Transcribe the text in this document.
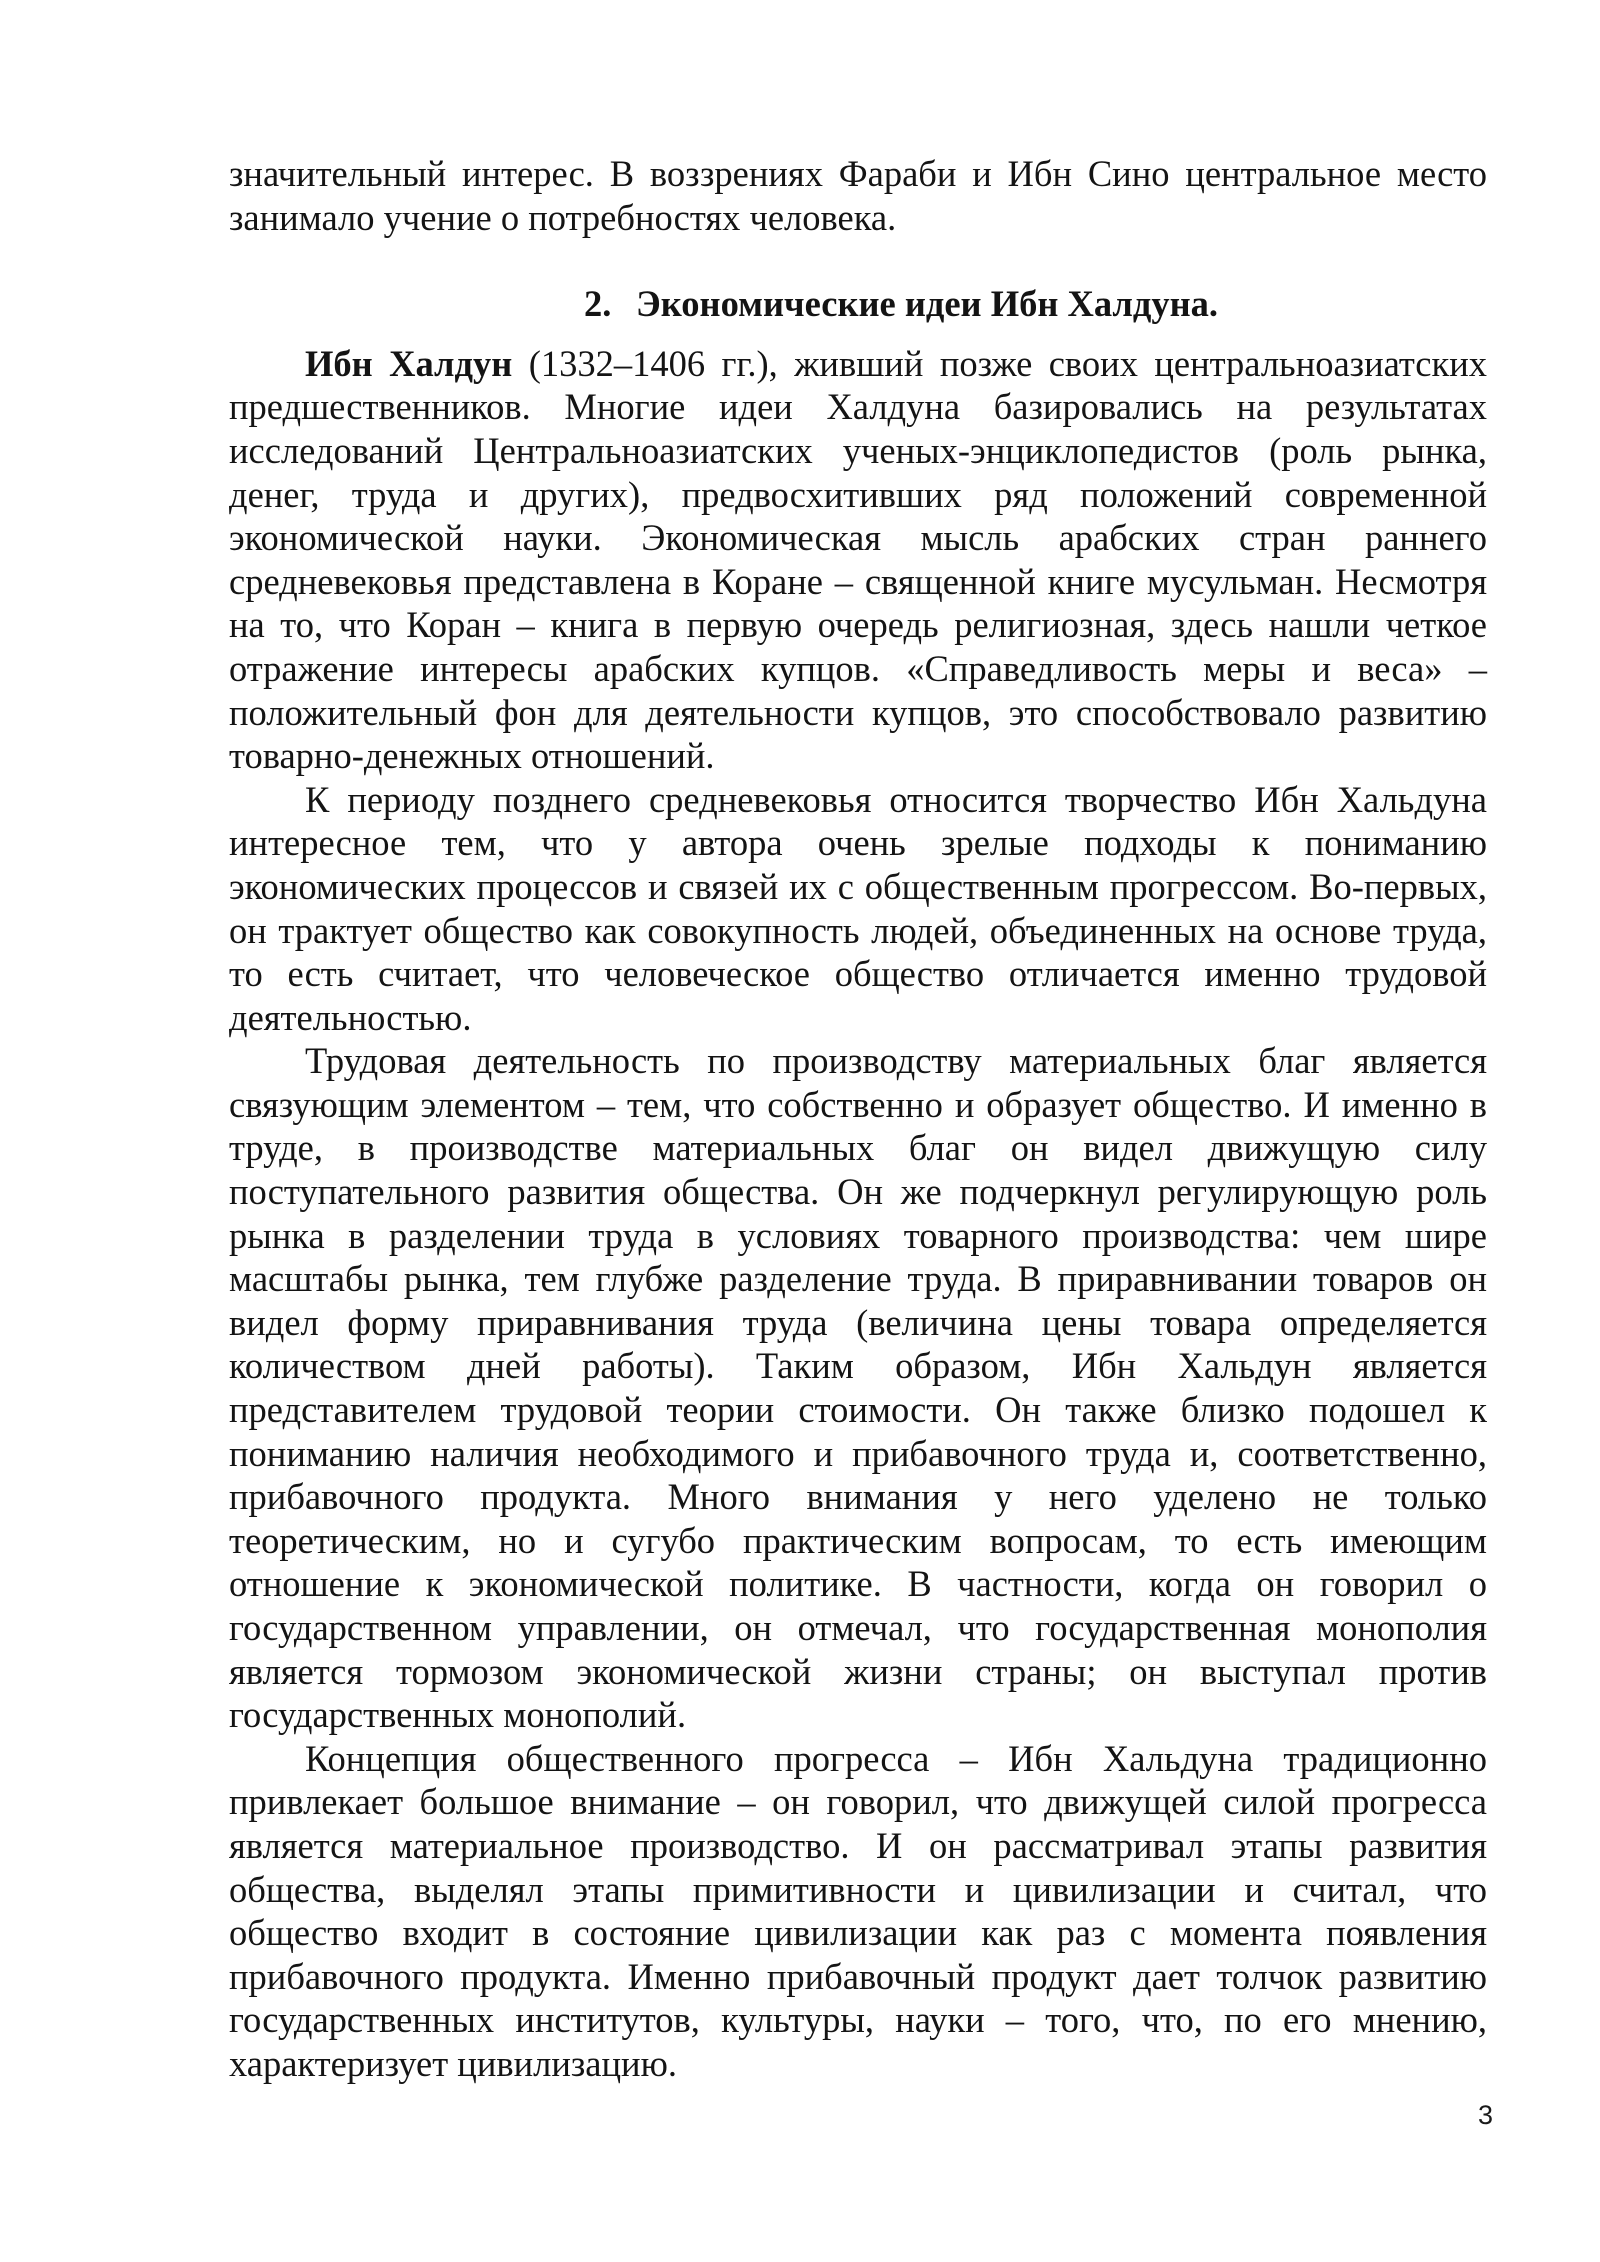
значительный интерес. В воззрениях Фараби и Ибн Сино центральное место занимало учение о потребностях человека.

2. Экономические идеи Ибн Халдуна.

Ибн Халдун (1332–1406 гг.), живший позже своих центральноазиатских предшественников. Многие идеи Халдуна базировались на результатах исследований Центральноазиатских ученых-энциклопедистов (роль рынка, денег, труда и других), предвосхитивших ряд положений современной экономической науки. Экономическая мысль арабских стран раннего средневековья представлена в Коране – священной книге мусульман. Несмотря на то, что Коран – книга в первую очередь религиозная, здесь нашли четкое отражение интересы арабских купцов. «Справедливость меры и веса» – положительный фон для деятельности купцов, это способствовало развитию товарно-денежных отношений.

К периоду позднего средневековья относится творчество Ибн Хальдуна интересное тем, что у автора очень зрелые подходы к пониманию экономических процессов и связей их с общественным прогрессом. Во-первых, он трактует общество как совокупность людей, объединенных на основе труда, то есть считает, что человеческое общество отличается именно трудовой деятельностью.

Трудовая деятельность по производству материальных благ является связующим элементом – тем, что собственно и образует общество. И именно в труде, в производстве материальных благ он видел движущую силу поступательного развития общества. Он же подчеркнул регулирующую роль рынка в разделении труда в условиях товарного производства: чем шире масштабы рынка, тем глубже разделение труда. В приравнивании товаров он видел форму приравнивания труда (величина цены товара определяется количеством дней работы). Таким образом, Ибн Хальдун является представителем трудовой теории стоимости. Он также близко подошел к пониманию наличия необходимого и прибавочного труда и, соответственно, прибавочного продукта. Много внимания у него уделено не только теоретическим, но и сугубо практическим вопросам, то есть имеющим отношение к экономической политике. В частности, когда он говорил о государственном управлении, он отмечал, что государственная монополия является тормозом экономической жизни страны; он выступал против государственных монополий.

Концепция общественного прогресса – Ибн Хальдуна традиционно привлекает большое внимание – он говорил, что движущей силой прогресса является материальное производство. И он рассматривал этапы развития общества, выделял этапы примитивности и цивилизации и считал, что общество входит в состояние цивилизации как раз с момента появления прибавочного продукта. Именно прибавочный продукт дает толчок развитию государственных институтов, культуры, науки – того, что, по его мнению, характеризует цивилизацию.

3
